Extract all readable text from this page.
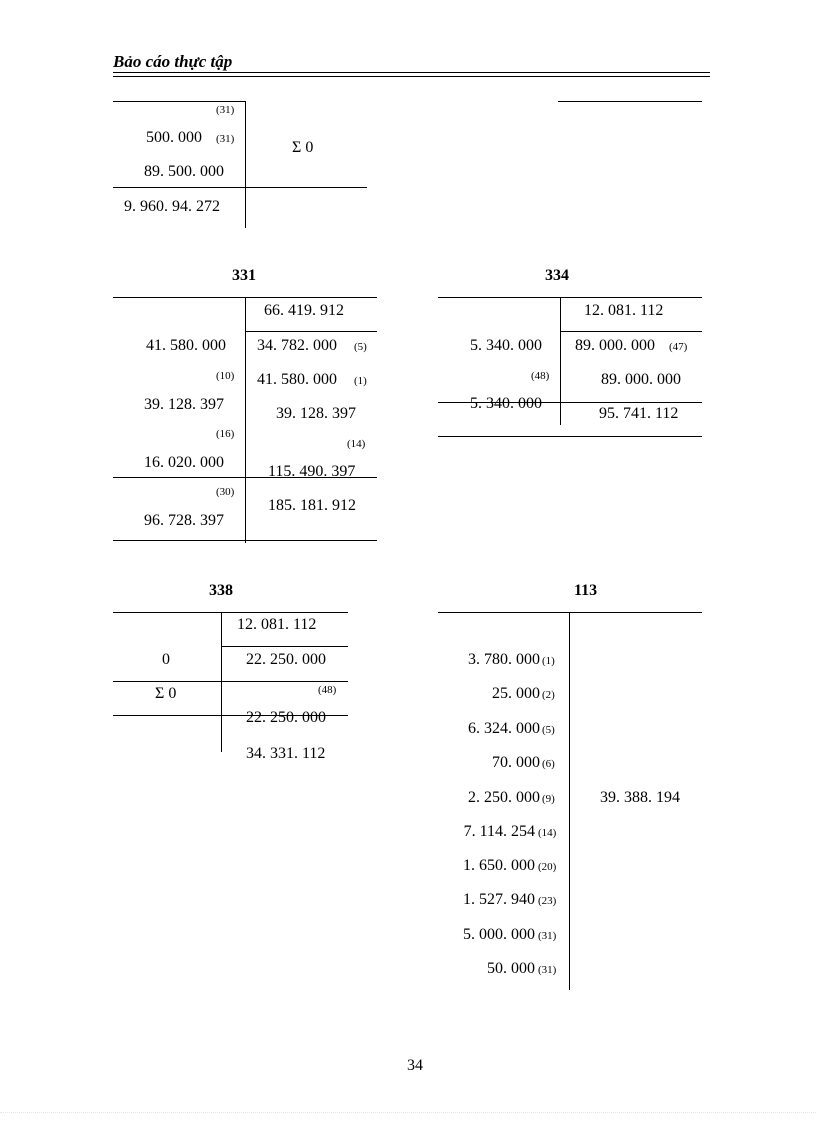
Bảo cáo thực tập
(31)
500. 000 (31)
89. 500. 000
9. 960. 94. 272
Σ 0
331
66. 419. 912
41. 580. 000
(10)
39. 128. 397
(16)
16. 020. 000
(30)
96. 728. 397
34. 782. 000 (5)
41. 580. 000 (1)
39. 128. 397
(14)
115. 490. 397
185. 181. 912
334
12. 081. 112
5. 340. 000
(48)
5. 340. 000
89. 000. 000 (47)
89. 000. 000
95. 741. 112
338
12. 081. 112
0
Σ 0
22. 250. 000
(48)
22. 250. 000
34. 331. 112
113
3. 780. 000 (1)
25. 000 (2)
6. 324. 000 (5)
70. 000 (6)
2. 250. 000 (9)
7. 114. 254 (14)
1. 650. 000 (20)
1. 527. 940 (23)
5. 000. 000 (31)
50. 000 (31)
39. 388. 194
34
